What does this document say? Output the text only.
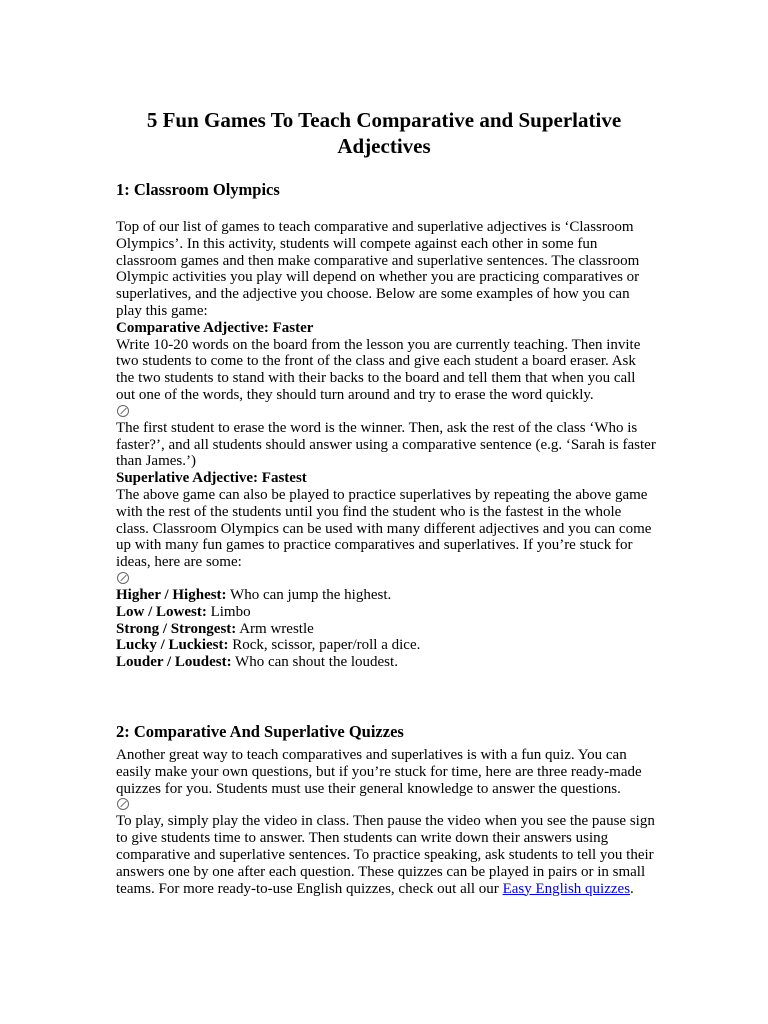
5 Fun Games To Teach Comparative and Superlative Adjectives
1: Classroom Olympics

Top of our list of games to teach comparative and superlative adjectives is ‘Classroom Olympics’. In this activity, students will compete against each other in some fun classroom games and then make comparative and superlative sentences. The classroom Olympic activities you play will depend on whether you are practicing comparatives or superlatives, and the adjective you choose. Below are some examples of how you can play this game:

Comparative Adjective: Faster

Write 10-20 words on the board from the lesson you are currently teaching. Then invite two students to come to the front of the class and give each student a board eraser. Ask the two students to stand with their backs to the board and tell them that when you call out one of the words, they should turn around and try to erase the word quickly.

The first student to erase the word is the winner. Then, ask the rest of the class ‘Who is faster?’, and all students should answer using a comparative sentence (e.g. ‘Sarah is faster than James.’)

Superlative Adjective: Fastest

The above game can also be played to practice superlatives by repeating the above game with the rest of the students until you find the student who is the fastest in the whole class. Classroom Olympics can be used with many different adjectives and you can come up with many fun games to practice comparatives and superlatives. If you’re stuck for ideas, here are some:

Higher / Highest: Who can jump the highest.

Low / Lowest: Limbo

Strong / Strongest: Arm wrestle

Lucky / Luckiest: Rock, scissor, paper/roll a dice.

Louder / Loudest: Who can shout the loudest.

2: Comparative And Superlative Quizzes

Another great way to teach comparatives and superlatives is with a fun quiz. You can easily make your own questions, but if you’re stuck for time, here are three ready-made quizzes for you. Students must use their general knowledge to answer the questions.

To play, simply play the video in class. Then pause the video when you see the pause sign to give students time to answer. Then students can write down their answers using comparative and superlative sentences. To practice speaking, ask students to tell you their answers one by one after each question. These quizzes can be played in pairs or in small teams. For more ready-to-use English quizzes, check out all our Easy English quizzes.
